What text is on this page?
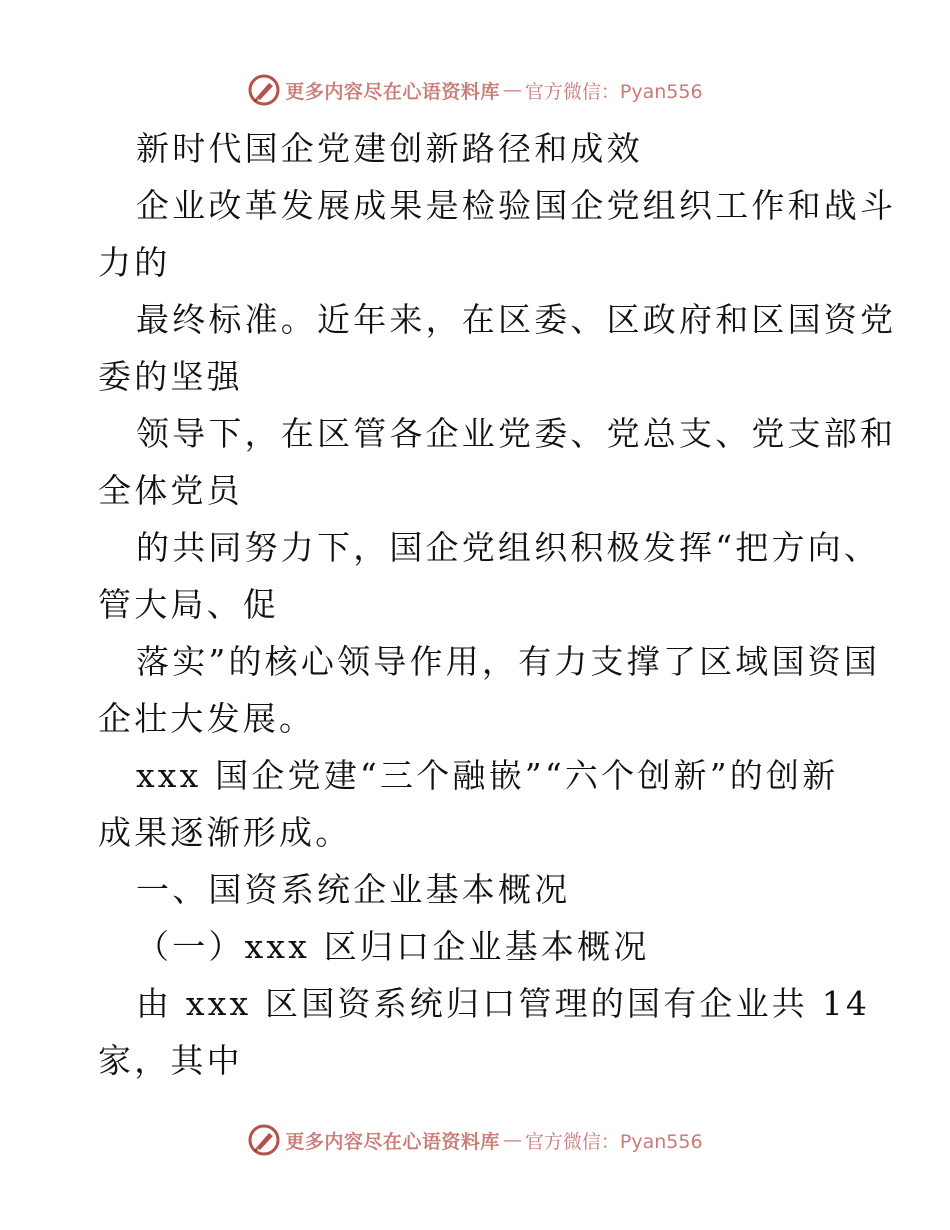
更多内容尽在心语资料库 — 官方微信：Pyan556
新时代国企党建创新路径和成效
企业改革发展成果是检验国企党组织工作和战斗
力的
最终标准。近年来，在区委、区政府和区国资党
委的坚强
领导下，在区管各企业党委、党总支、党支部和
全体党员
的共同努力下，国企党组织积极发挥“把方向、
管大局、促
落实”的核心领导作用，有力支撑了区域国资国
企壮大发展。
xxx 国企党建“三个融嵌”“六个创新”的创新
成果逐渐形成。
一、国资系统企业基本概况
（一）xxx 区归口企业基本概况
由 xxx 区国资系统归口管理的国有企业共 14
家，其中
更多内容尽在心语资料库 — 官方微信：Pyan556
